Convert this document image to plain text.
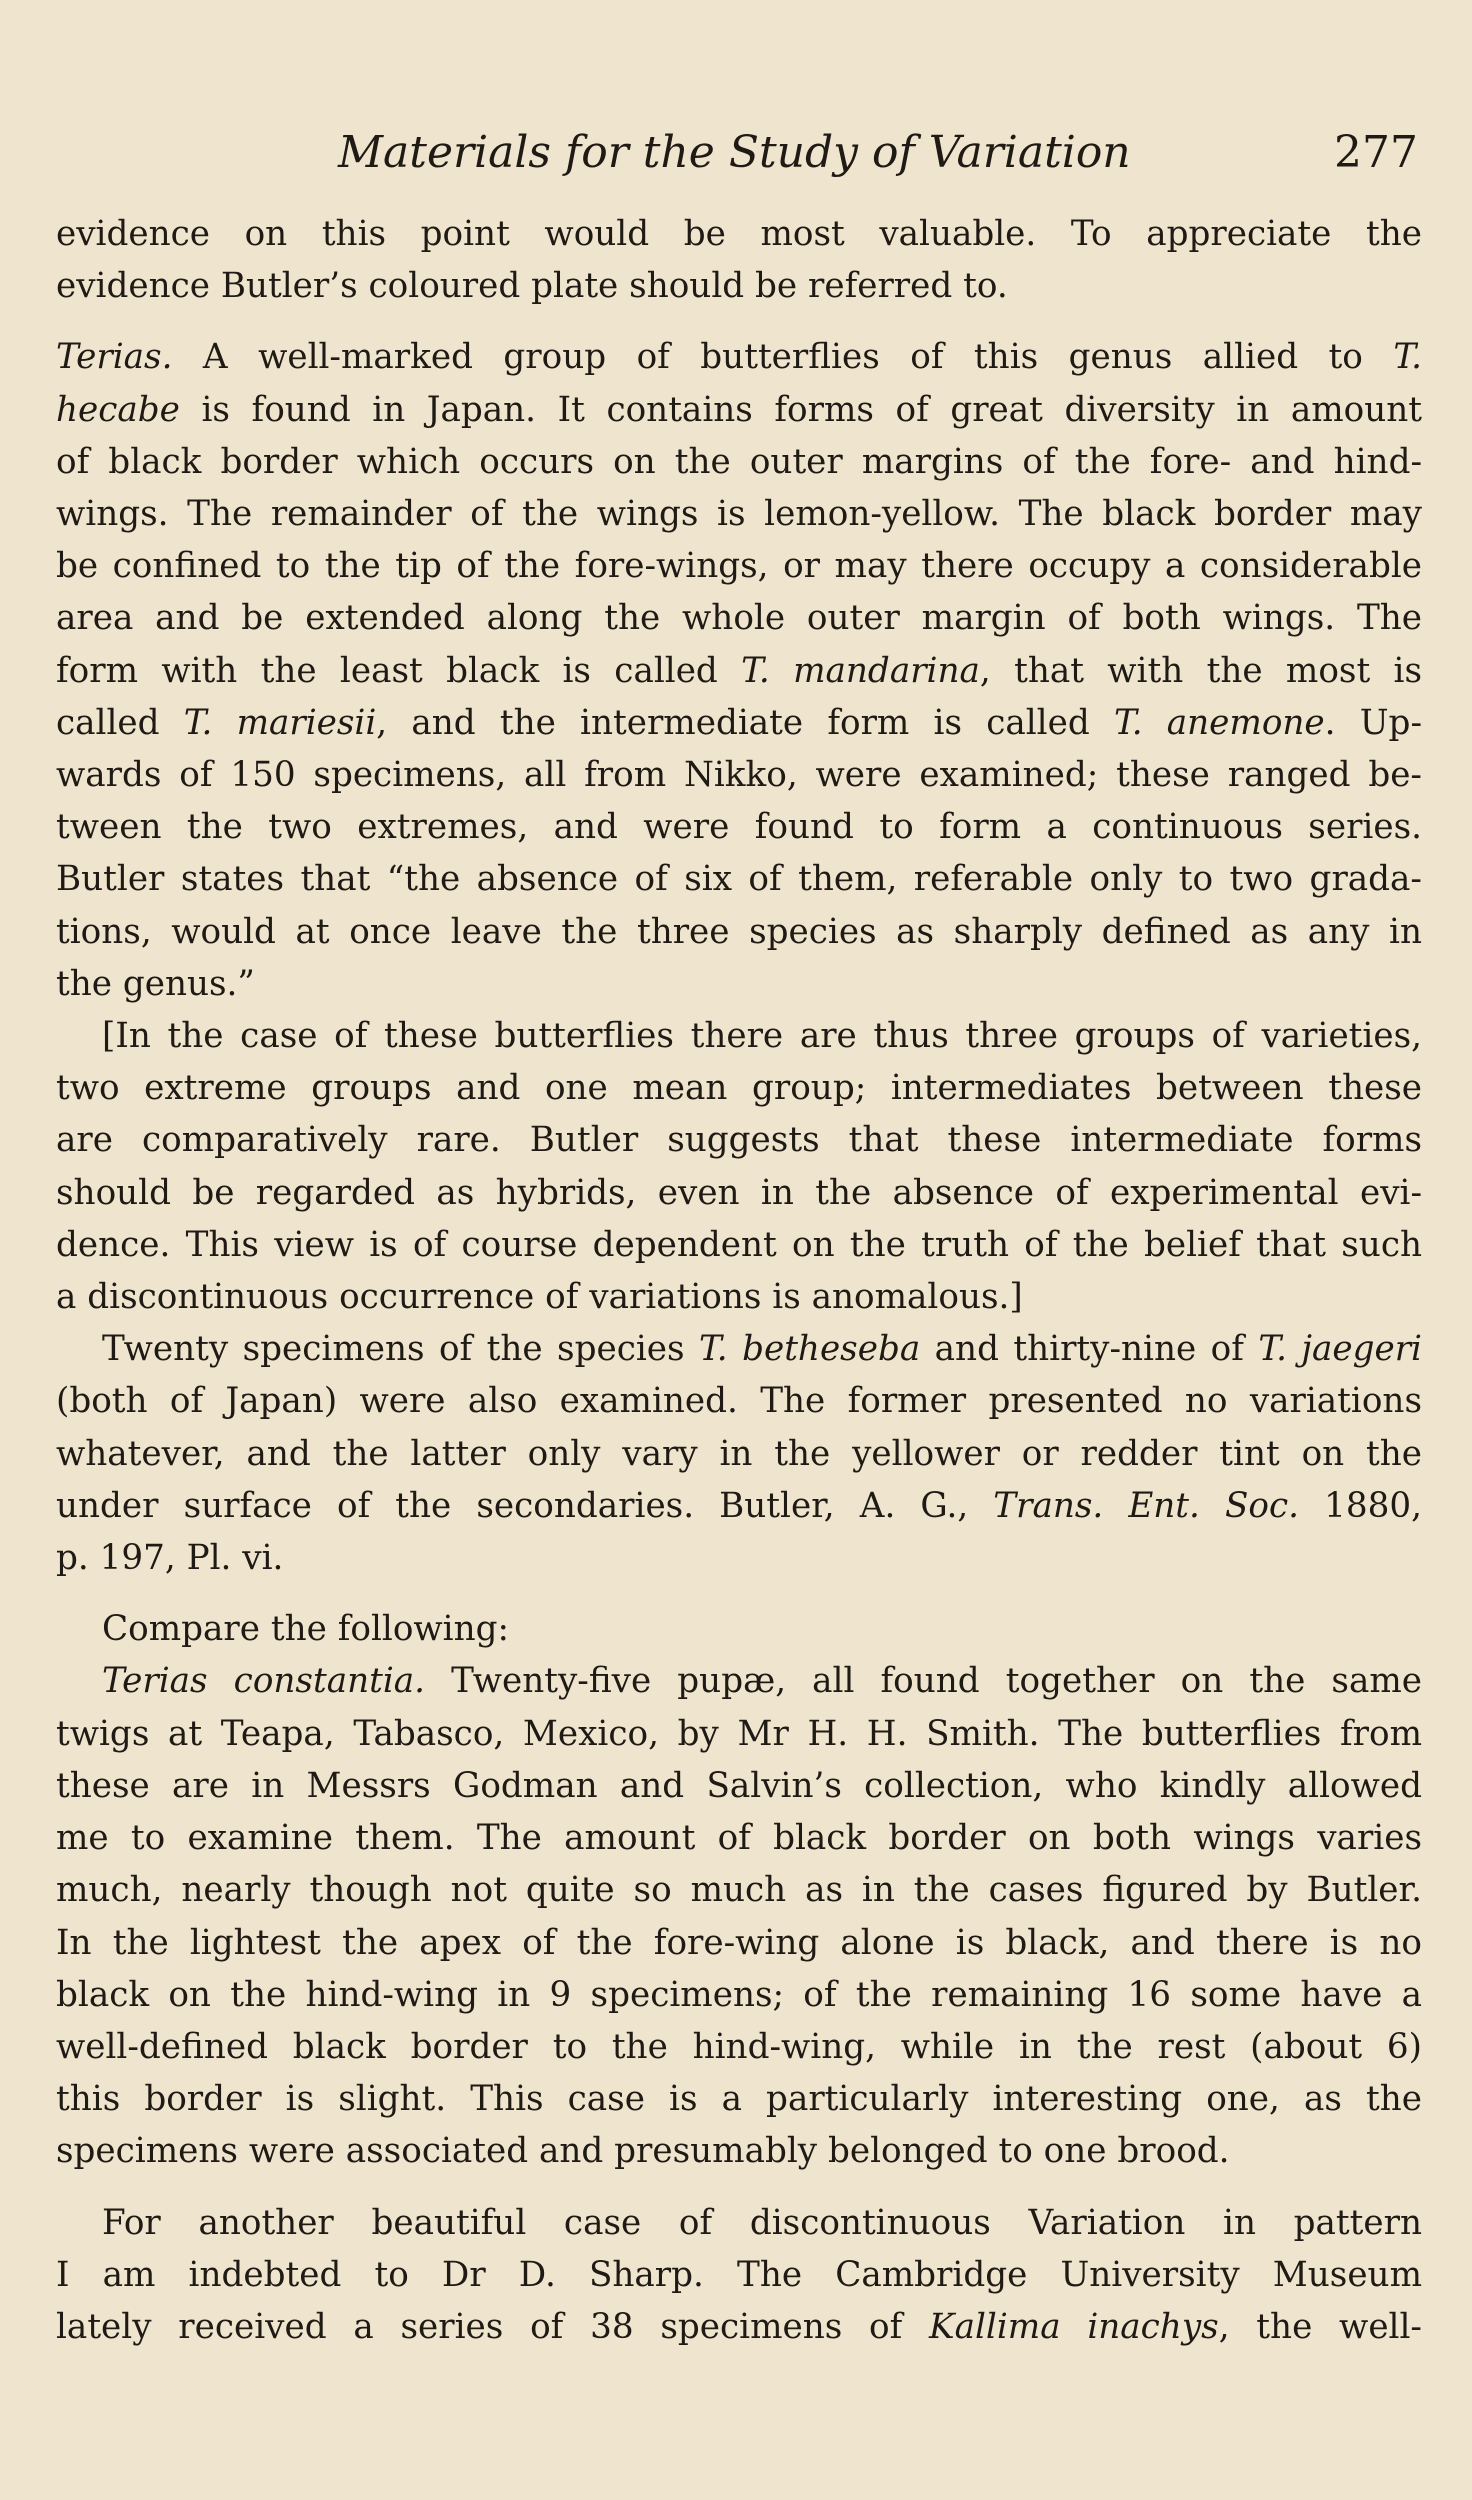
Materials for the Study of Variation	277

evidence on this point would be most valuable. To appreciate the
evidence Butler’s coloured plate should be referred to.

Terias. A well-marked group of butterflies of this genus allied to T.
hecabe is found in Japan. It contains forms of great diversity in amount
of black border which occurs on the outer margins of the fore- and hind-
wings. The remainder of the wings is lemon-yellow. The black border may
be confined to the tip of the fore-wings, or may there occupy a considerable
area and be extended along the whole outer margin of both wings. The
form with the least black is called T. mandarina, that with the most is
called T. mariesii, and the intermediate form is called T. anemone. Up-
wards of 150 specimens, all from Nikko, were examined; these ranged be-
tween the two extremes, and were found to form a continuous series.
Butler states that “the absence of six of them, referable only to two grada-
tions, would at once leave the three species as sharply defined as any in
the genus.”

[In the case of these butterflies there are thus three groups of varieties,
two extreme groups and one mean group; intermediates between these
are comparatively rare. Butler suggests that these intermediate forms
should be regarded as hybrids, even in the absence of experimental evi-
dence. This view is of course dependent on the truth of the belief that such
a discontinuous occurrence of variations is anomalous.]

Twenty specimens of the species T. betheseba and thirty-nine of T. jaegeri
(both of Japan) were also examined. The former presented no variations
whatever, and the latter only vary in the yellower or redder tint on the
under surface of the secondaries. Butler, A. G., Trans. Ent. Soc. 1880,
p. 197, Pl. vi.

Compare the following:

Terias constantia. Twenty-five pupæ, all found together on the same
twigs at Teapa, Tabasco, Mexico, by Mr H. H. Smith. The butterflies from
these are in Messrs Godman and Salvin’s collection, who kindly allowed
me to examine them. The amount of black border on both wings varies
much, nearly though not quite so much as in the cases figured by Butler.
In the lightest the apex of the fore-wing alone is black, and there is no
black on the hind-wing in 9 specimens; of the remaining 16 some have a
well-defined black border to the hind-wing, while in the rest (about 6)
this border is slight. This case is a particularly interesting one, as the
specimens were associated and presumably belonged to one brood.

For another beautiful case of discontinuous Variation in pattern
I am indebted to Dr D. Sharp. The Cambridge University Museum
lately received a series of 38 specimens of Kallima inachys, the well-
